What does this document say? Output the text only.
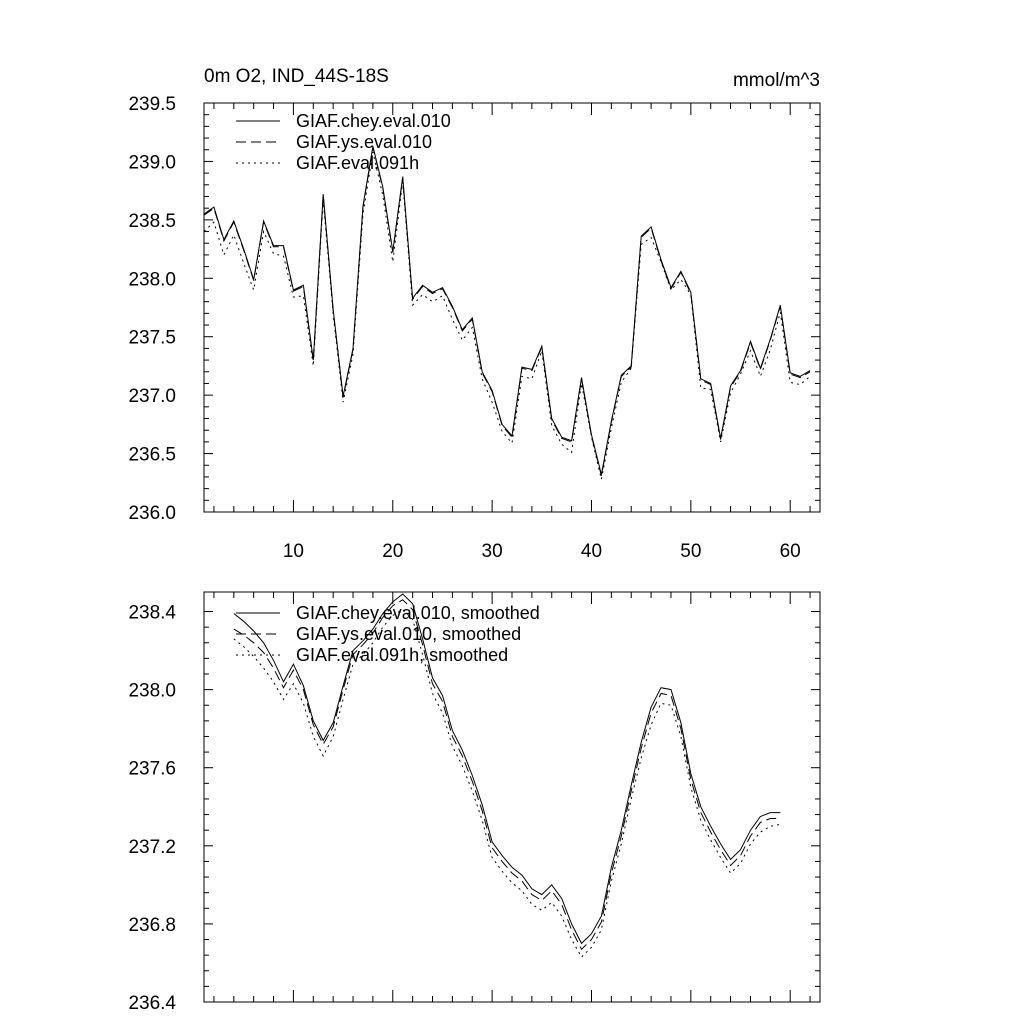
0m O2, IND_44S-18S	mmol/m^3
236.0
236.5
237.0
237.5
238.0
238.5
239.0
239.5
10	20	30	40	50	60
GIAF.chey.eval.010
GIAF.ys.eval.010
GIAF.eval.091h
236.4
236.8
237.2
237.6
238.0
238.4	GIAF.chey.eval.010, smoothed
GIAF.ys.eval.010, smoothed
GIAF.eval.091h, smoothed
